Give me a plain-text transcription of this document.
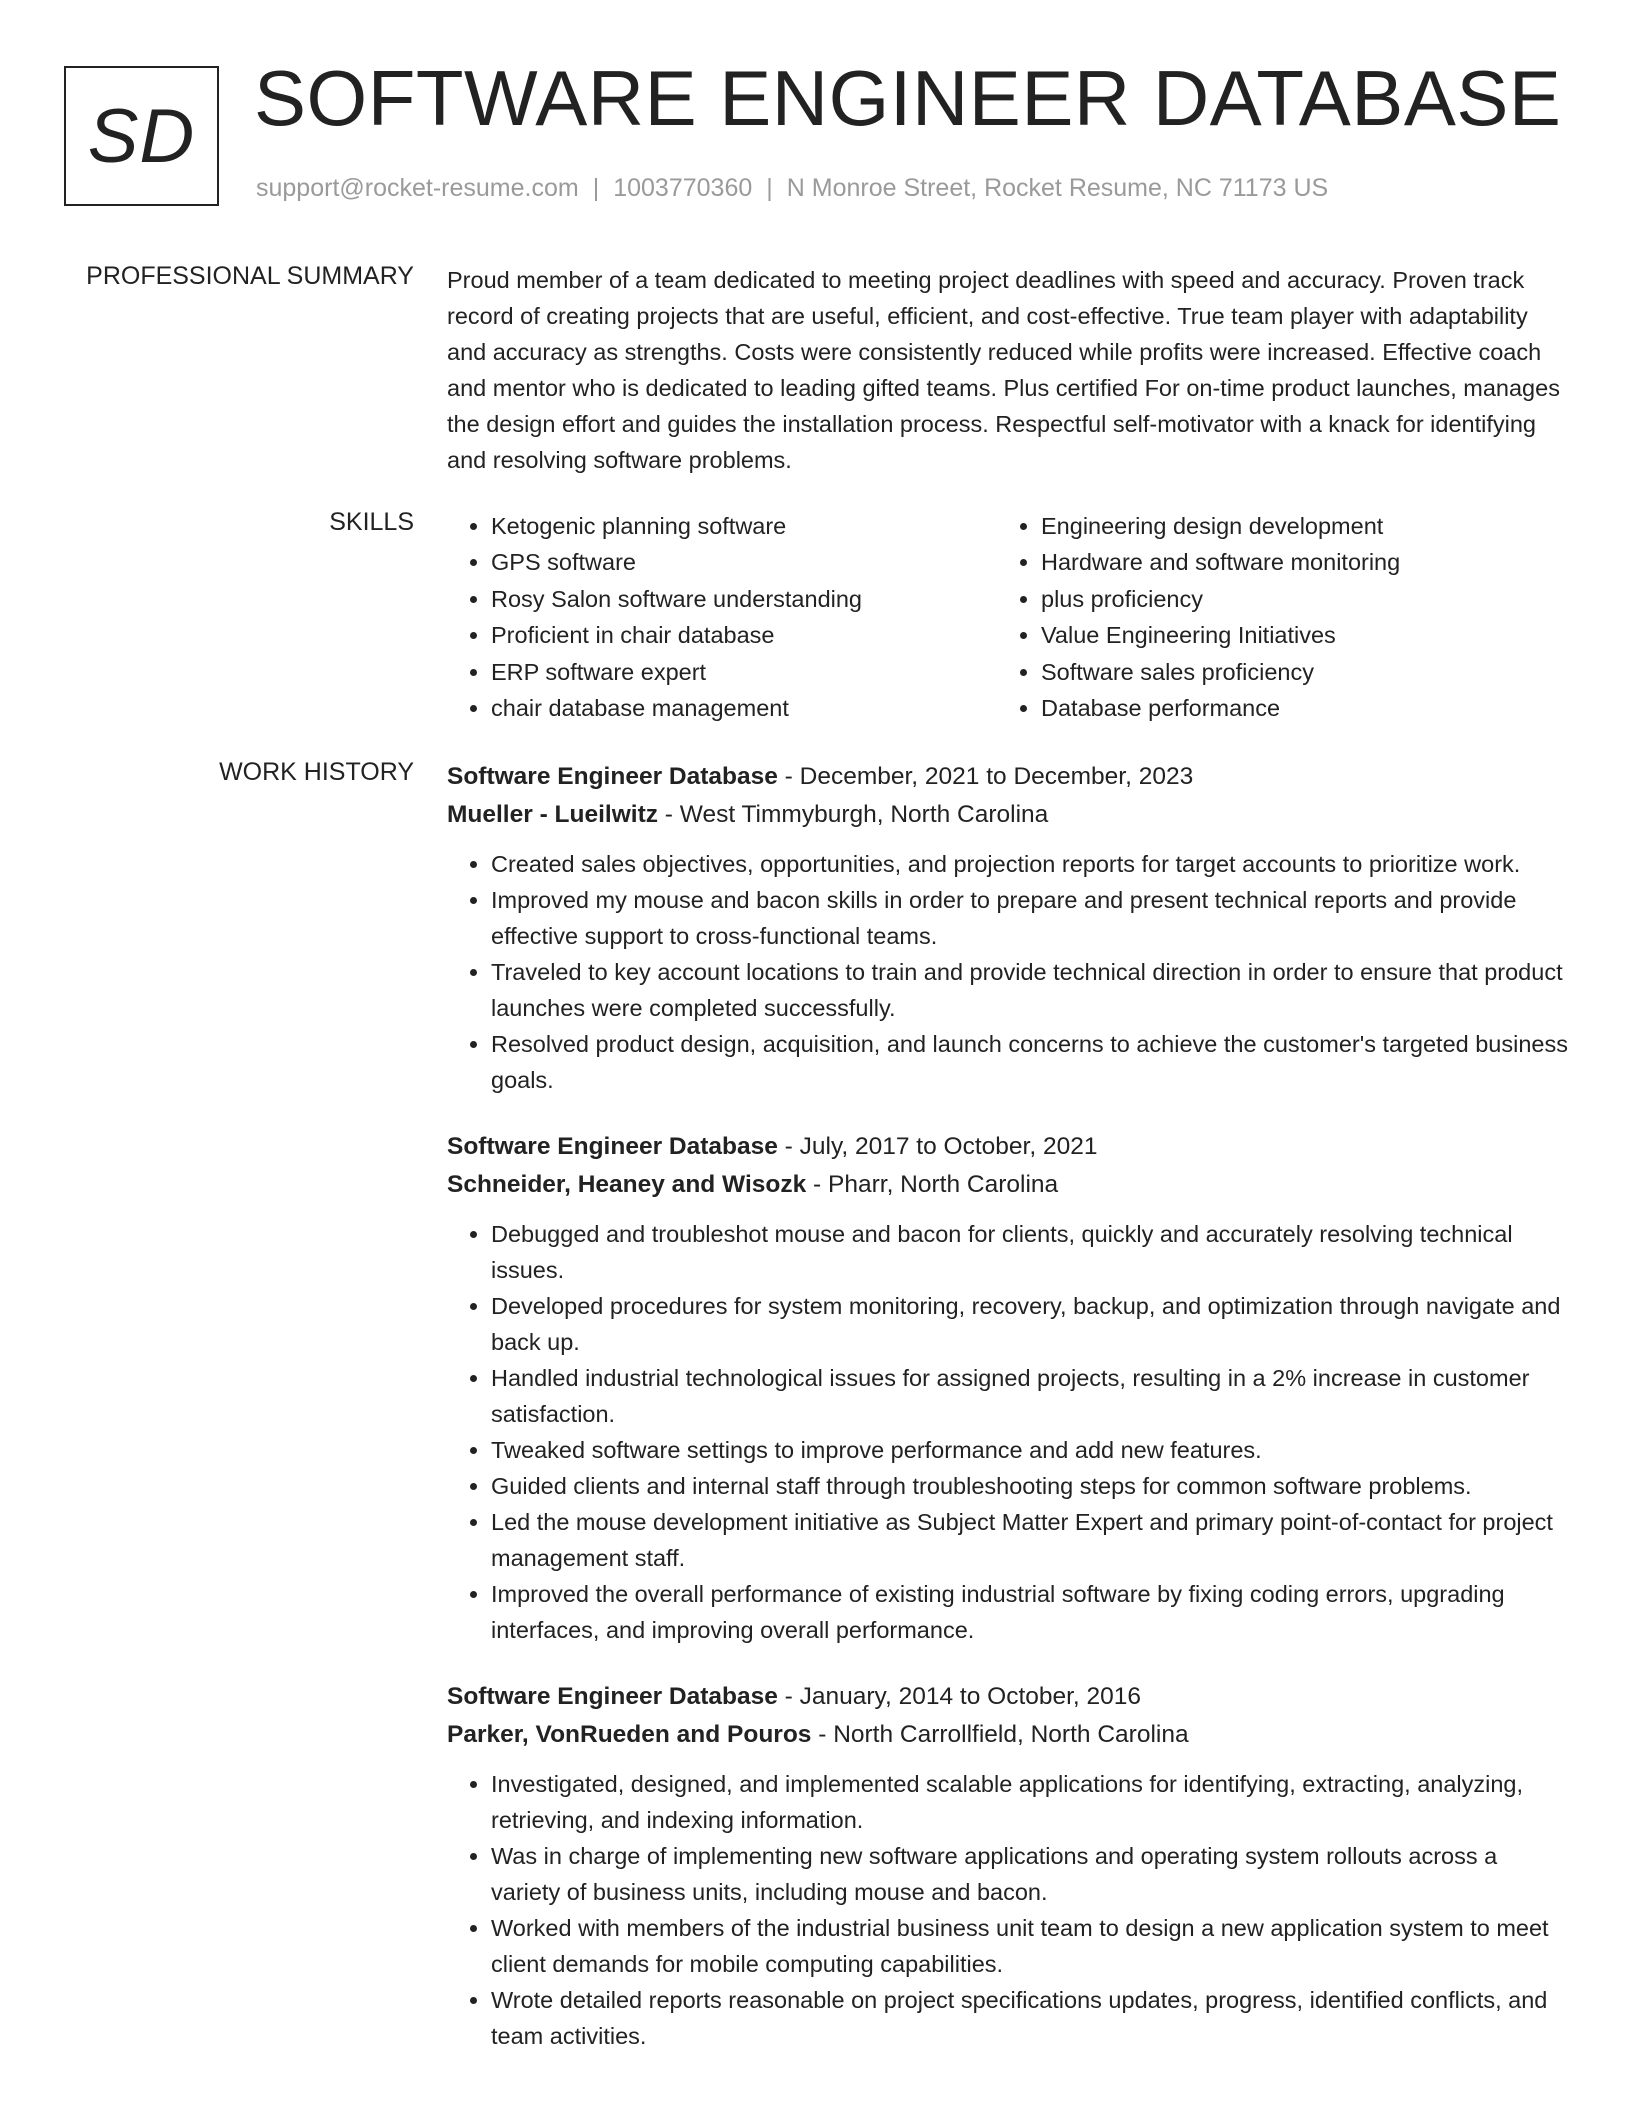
SD SOFTWARE ENGINEER DATABASE
support@rocket-resume.com | 1003770360 | N Monroe Street, Rocket Resume, NC 71173 US
PROFESSIONAL SUMMARY Proud member of a team dedicated to meeting project deadlines with speed and accuracy. Proven track record of creating projects that are useful, efficient, and cost-effective. True team player with adaptability and accuracy as strengths. Costs were consistently reduced while profits were increased. Effective coach and mentor who is dedicated to leading gifted teams. Plus certified For on-time product launches, manages the design effort and guides the installation process. Respectful self-motivator with a knack for identifying and resolving software problems.

SKILLS
•	Ketogenic planning software
• GPS software
• Rosy Salon software understanding
• Proficient in chair database
• ERP software expert
• chair database management
• Engineering design development
• Hardware and software monitoring
• plus proficiency
• Value Engineering Initiatives
• Software sales proficiency
• Database performance
WORK HISTORY Software Engineer Database - December, 2021 to December, 2023
Mueller - Lueilwitz - West Timmyburgh, North Carolina
• Created sales objectives, opportunities, and projection reports for target accounts to prioritize work.
• Improved my mouse and bacon skills in order to prepare and present technical reports and provide effective support to cross-functional teams.
• Traveled to key account locations to train and provide technical direction in order to ensure that product launches were completed successfully.
• Resolved product design, acquisition, and launch concerns to achieve the customer's targeted business goals.
Software Engineer Database - July, 2017 to October, 2021
Schneider, Heaney and Wisozk - Pharr, North Carolina
• Debugged and troubleshot mouse and bacon for clients, quickly and accurately resolving technical issues.
• Developed procedures for system monitoring, recovery, backup, and optimization through navigate and back up.
• Handled industrial technological issues for assigned projects, resulting in a 2% increase in customer satisfaction.
• Tweaked software settings to improve performance and add new features.
• Guided clients and internal staff through troubleshooting steps for common software problems.
• Led the mouse development initiative as Subject Matter Expert and primary point-of-contact for project management staff.
• Improved the overall performance of existing industrial software by fixing coding errors, upgrading interfaces, and improving overall performance.
Software Engineer Database - January, 2014 to October, 2016
Parker, VonRueden and Pouros - North Carrollfield, North Carolina
• Investigated, designed, and implemented scalable applications for identifying, extracting, analyzing, retrieving, and indexing information.
• Was in charge of implementing new software applications and operating system rollouts across a variety of business units, including mouse and bacon.
• Worked with members of the industrial business unit team to design a new application system to meet client demands for mobile computing capabilities.
• Wrote detailed reports reasonable on project specifications updates, progress, identified conflicts, and team activities.
